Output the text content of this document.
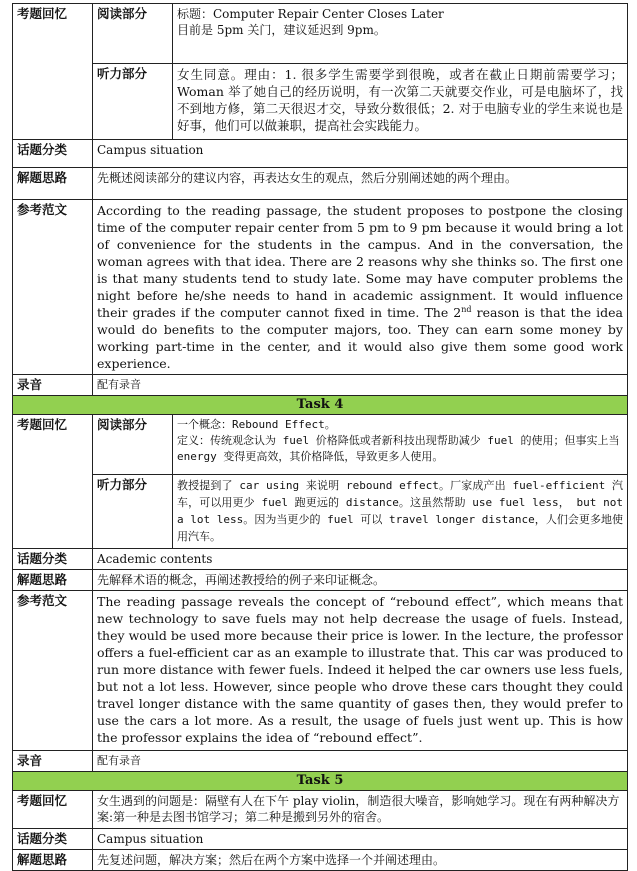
考题回忆	阅读部分	标题：Computer Repair Center Closes Later
目前是 5pm 关门，建议延迟到 9pm。

	听力部分	女生同意。理由：1. 很多学生需要学到很晚，或者在截止日期前需要学习；Woman 举了她自己的经历说明，有一次第二天就要交作业，可是电脑坏了，找不到地方修，第二天很迟才交，导致分数很低；2. 对于电脑专业的学生来说也是好事，他们可以做兼职，提高社会实践能力。
话题分类	Campus situation	
解题思路	先概述阅读部分的建议内容，再表达女生的观点，然后分别阐述她的两个理由。	
参考范文	According to the reading passage, the student proposes to postpone the closing time of the computer repair center from 5 pm to 9 pm because it would bring a lot of convenience for the students in the campus. And in the conversation, the woman agrees with that idea. There are 2 reasons why she thinks so. The first one is that many students tend to study late. Some may have computer problems the night before he/she needs to hand in academic assignment. It would influence their grades if the computer cannot fixed in time. The 2nd reason is that the idea would do benefits to the computer majors, too. They can earn some money by working part-time in the center, and it would also give them some good work experience.	
录音	配有录音	
Task 4		
考题回忆	阅读部分	一个概念：Rebound Effect。
定义：传统观念认为 fuel 价格降低或者新科技出现帮助减少 fuel 的使用；但事实上当 energy 变得更高效，其价格降低，导致更多人使用。

	听力部分	教授提到了 car using 来说明 rebound effect。厂家成产出 fuel-efficient 汽车，可以用更少 fuel 跑更远的 distance。这虽然帮助 use fuel less， but not a lot less。因为当更少的 fuel 可以 travel longer distance，人们会更多地使用汽车。
话题分类	Academic contents	
解题思路	先解释术语的概念，再阐述教授给的例子来印证概念。	
参考范文	The reading passage reveals the concept of “rebound effect”, which means that new technology to save fuels may not help decrease the usage of fuels. Instead, they would be used more because their price is lower. In the lecture, the professor offers a fuel-efficient car as an example to illustrate that. This car was produced to run more distance with fewer fuels. Indeed it helped the car owners use less fuels, but not a lot less. However, since people who drove these cars thought they could travel longer distance with the same quantity of gases then, they would prefer to use the cars a lot more. As a result, the usage of fuels just went up. This is how the professor explains the idea of “rebound effect”.	
录音	配有录音	
Task 5		
考题回忆	女生遇到的问题是：隔壁有人在下午 play violin，制造很大噪音，影响她学习。现在有两种解决方案:第一种是去图书馆学习；第二种是搬到另外的宿舍。	
话题分类	Campus situation	
解题思路	先复述问题，解决方案；然后在两个方案中选择一个并阐述理由。	
